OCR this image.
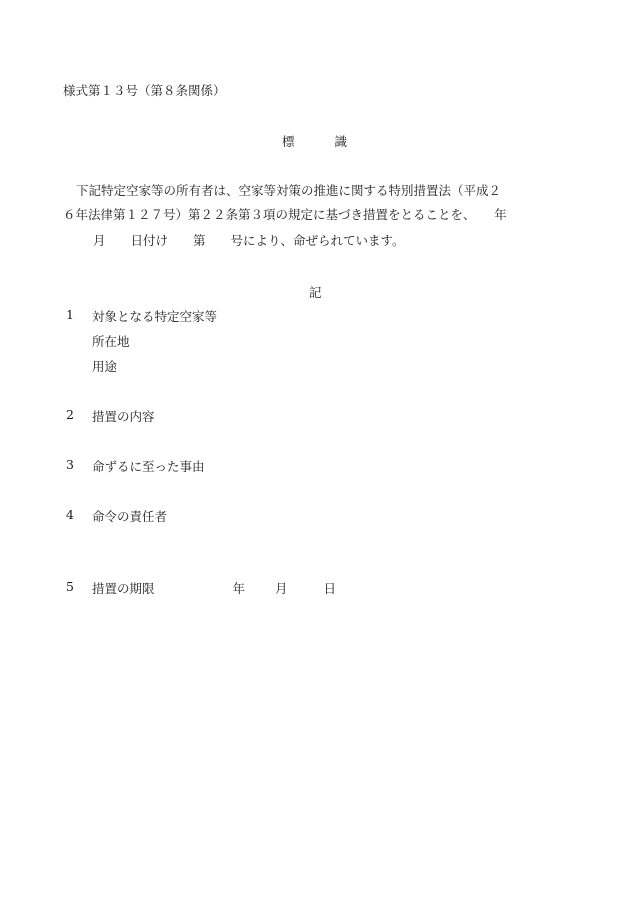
様式第１３号（第８条関係）
標	識
下記特定空家等の所有者は、空家等対策の推進に関する特別措置法（平成２
６年法律第１２７号）第２２条第３項の規定に基づき措置をとることを、　　年
月　　日付け　　第　　号により、命ぜられています。
記
1 対象となる特定空家等
所在地
用途
2 措置の内容
3 命ずるに至った事由
4 命令の責任者
5 措置の期限	年 月	日
